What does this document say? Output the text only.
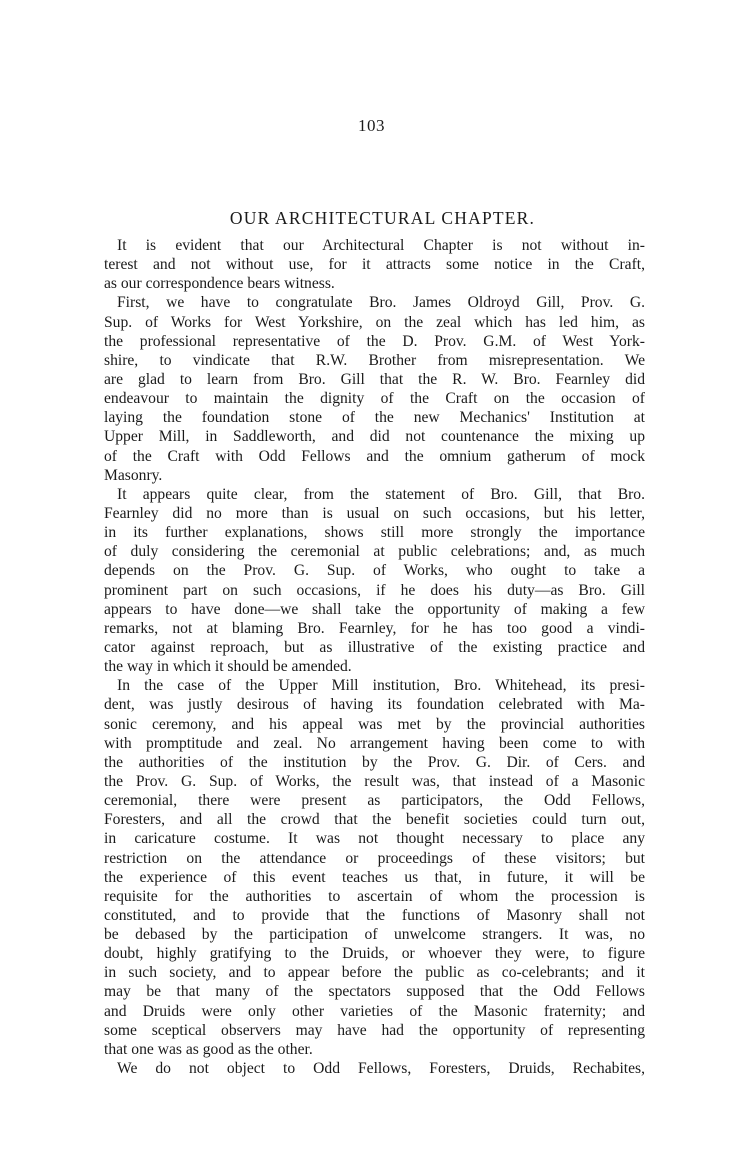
103
OUR ARCHITECTURAL CHAPTER.
It is evident that our Architectural Chapter is not without in-
terest and not without use, for it attracts some notice in the Craft,
as our correspondence bears witness.
First, we have to congratulate Bro. James Oldroyd Gill, Prov. G.
Sup. of Works for West Yorkshire, on the zeal which has led him, as
the professional representative of the D. Prov. G.M. of West York-
shire, to vindicate that R.W. Brother from misrepresentation. We
are glad to learn from Bro. Gill that the R. W. Bro. Fearnley did
endeavour to maintain the dignity of the Craft on the occasion of
laying the foundation stone of the new Mechanics' Institution at
Upper Mill, in Saddleworth, and did not countenance the mixing up
of the Craft with Odd Fellows and the omnium gatherum of mock
Masonry.
It appears quite clear, from the statement of Bro. Gill, that Bro.
Fearnley did no more than is usual on such occasions, but his letter,
in its further explanations, shows still more strongly the importance
of duly considering the ceremonial at public celebrations; and, as much
depends on the Prov. G. Sup. of Works, who ought to take a
prominent part on such occasions, if he does his duty—as Bro. Gill
appears to have done—we shall take the opportunity of making a few
remarks, not at blaming Bro. Fearnley, for he has too good a vindi-
cator against reproach, but as illustrative of the existing practice and
the way in which it should be amended.
In the case of the Upper Mill institution, Bro. Whitehead, its presi-
dent, was justly desirous of having its foundation celebrated with Ma-
sonic ceremony, and his appeal was met by the provincial authorities
with promptitude and zeal. No arrangement having been come to with
the authorities of the institution by the Prov. G. Dir. of Cers. and
the Prov. G. Sup. of Works, the result was, that instead of a Masonic
ceremonial, there were present as participators, the Odd Fellows,
Foresters, and all the crowd that the benefit societies could turn out,
in caricature costume. It was not thought necessary to place any
restriction on the attendance or proceedings of these visitors; but
the experience of this event teaches us that, in future, it will be
requisite for the authorities to ascertain of whom the procession is
constituted, and to provide that the functions of Masonry shall not
be debased by the participation of unwelcome strangers. It was, no
doubt, highly gratifying to the Druids, or whoever they were, to figure
in such society, and to appear before the public as co-celebrants; and it
may be that many of the spectators supposed that the Odd Fellows
and Druids were only other varieties of the Masonic fraternity; and
some sceptical observers may have had the opportunity of representing
that one was as good as the other.
We do not object to Odd Fellows, Foresters, Druids, Rechabites,
